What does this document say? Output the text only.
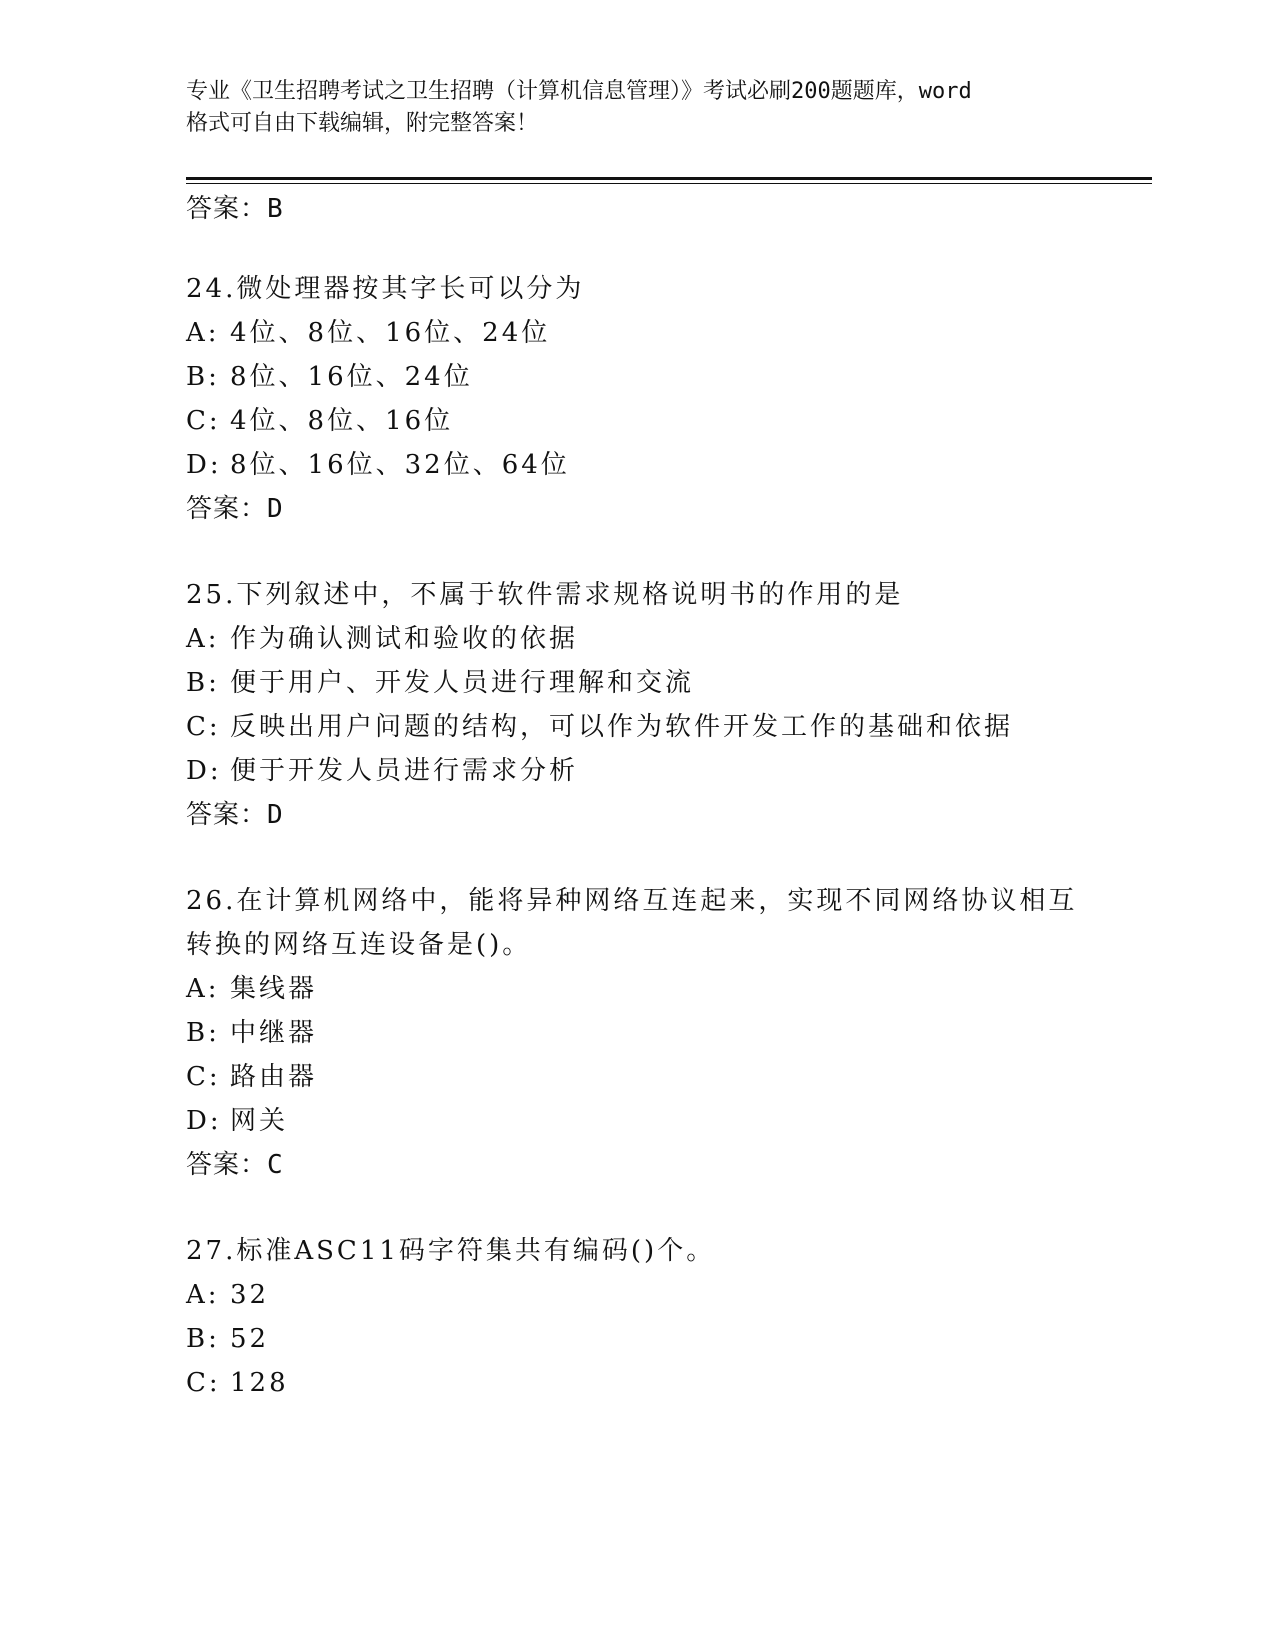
专业《卫生招聘考试之卫生招聘（计算机信息管理）》考试必刷200题题库，word
格式可自由下载编辑，附完整答案！
答案：B
24.微处理器按其字长可以分为
A: 4位、8位、16位、24位
B: 8位、16位、24位
C: 4位、8位、16位
D: 8位、16位、32位、64位
答案：D
25.下列叙述中，不属于软件需求规格说明书的作用的是
A: 作为确认测试和验收的依据
B: 便于用户、开发人员进行理解和交流
C: 反映出用户问题的结构，可以作为软件开发工作的基础和依据
D: 便于开发人员进行需求分析
答案：D
26.在计算机网络中，能将异种网络互连起来，实现不同网络协议相互
转换的网络互连设备是()。
A: 集线器
B: 中继器
C: 路由器
D: 网关
答案：C
27.标准ASC11码字符集共有编码()个。
A: 32
B: 52
C: 128
